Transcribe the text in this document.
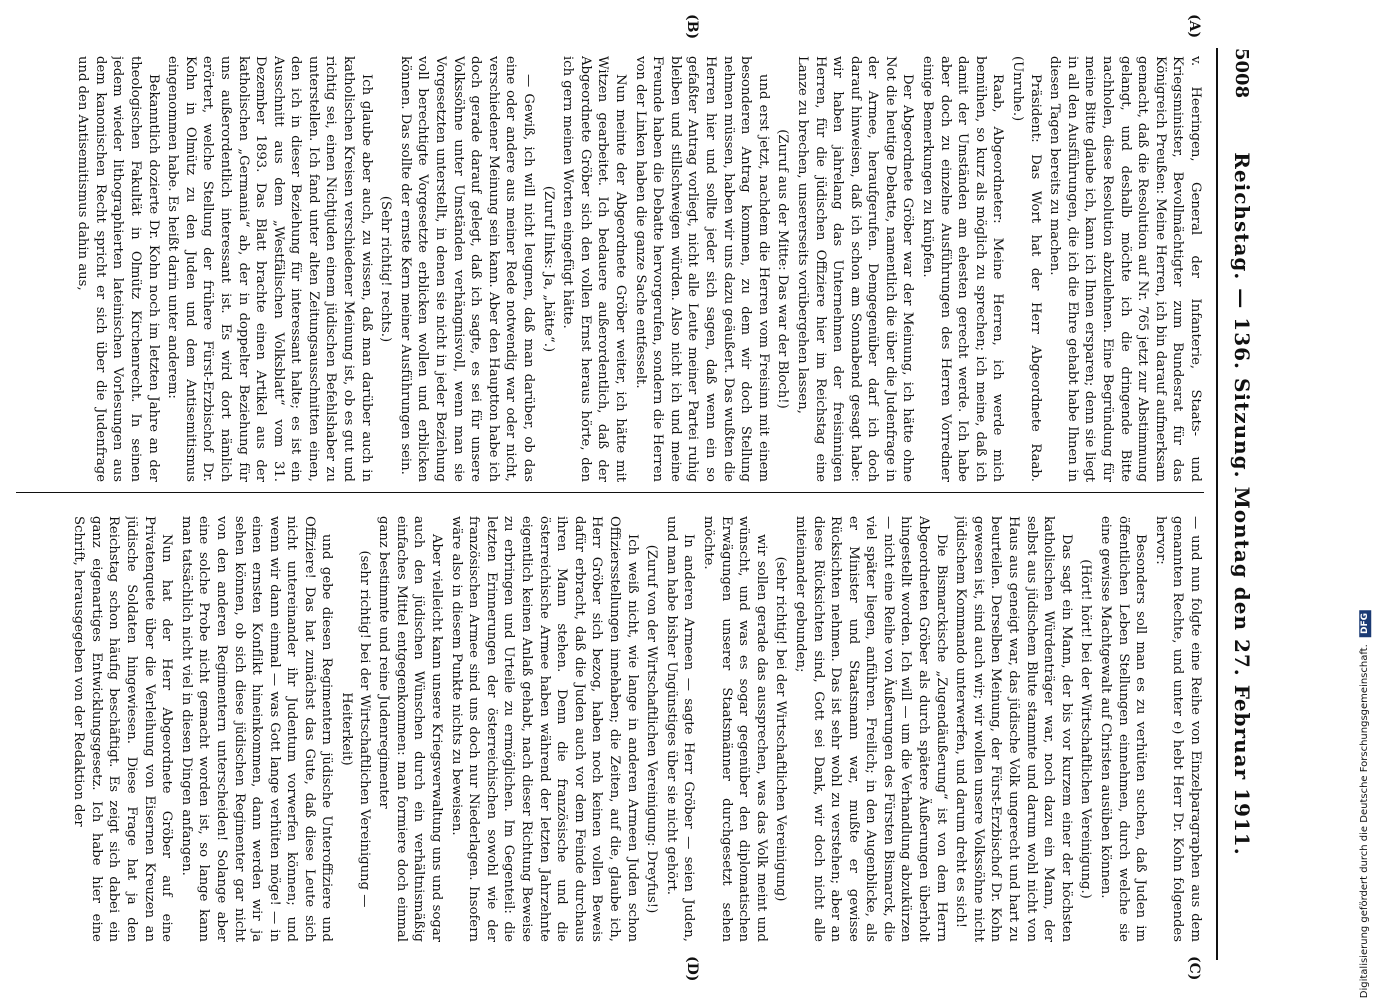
5008
Reichstag. — 136. Sitzung. Montag den 27. Februar 1911.
(A)
(B)
(C)
(D)

v. Heeringen, General der Infanterie, Staats- und Kriegsminister, Bevollmächtigter zum Bundesrat für das Königreich Preußen: Meine Herren, ich bin darauf aufmerksam gemacht, daß die Resolution auf Nr. 765 jetzt zur Abstimmung gelangt, und deshalb möchte ich die dringende Bitte nachholen, diese Resolution abzulehnen. Eine Begründung für meine Bitte glaube ich, kann ich Ihnen ersparen; denn sie liegt in all den Ausführungen, die ich die Ehre gehabt habe Ihnen in diesen Tagen bereits zu machen.

Präsident: Das Wort hat der Herr Abgeordnete Raab. (Unruhe.)

Raab, Abgeordneter: Meine Herren, ich werde mich bemühen, so kurz als möglich zu sprechen; ich meine, daß ich damit der Umständen am ehesten gerecht werde. Ich habe aber doch zu einzelne Ausführungen des Herren Vorredner einige Bemerkungen zu knüpfen.

Der Abgeordnete Gröber war der Meinung, ich hätte ohne Not die heutige Debatte, namentlich die über die Judenfrage in der Armee, heraufgerufen. Demgegenüber darf ich doch darauf hinweisen, daß ich schon am Sonnabend gesagt habe: wir haben jahrelang das Unternehmen der freisinnigen Herren, für die jüdischen Offiziere hier im Reichstag eine Lanze zu brechen, unsererseits vorübergehen lassen,

(Zuruf aus der Mitte: Das war der Bloch!)

und erst jetzt, nachdem die Herren vom Freisinn mit einem besonderen Antrag kommen, zu dem wir doch Stellung nehmen müssen, haben wir uns dazu geäußert. Das wußten die Herren hier und sollte jeder sich sagen, daß wenn ein so gefaßter Antrag vorliegt, nicht alle Leute meiner Partei ruhig bleiben und stillschweigen würden. Also nicht ich und meine Freunde haben die Debatte hervorgerufen, sondern die Herren von der Linken haben die ganze Sache entfesselt.

Nun meinte der Abgeordnete Gröber weiter, ich hätte mit Witzen gearbeitet. Ich bedauere außerordentlich, daß der Abgeordnete Gröber sich den vollen Ernst heraus hörte, den ich gern meinen Worten eingefügt hätte.

(Zuruf links: Ja, „hätte“.)

— Gewiß, ich will nicht leugnen, daß man darüber, ob das eine oder andere aus meiner Rede notwendig war oder nicht, verschiedener Meinung sein kann. Aber den Hauptton habe ich doch gerade darauf gelegt, daß ich sagte, es sei für unsere Volkssöhne unter Umständen verhängnisvoll, wenn man sie Vorgesetzten unterstellt, in denen sie nicht in jeder Beziehung voll berechtigte Vorgesetzte erblicken wollen und erblicken können. Das sollte der ernste Kern meiner Ausführungen sein.

(Sehr richtig! rechts.)

Ich glaube aber auch, zu wissen, daß man darüber auch in katholischen Kreisen verschiedener Meinung ist, ob es gut und richtig sei, einen Nichtjuden einem jüdischen Befehlshaber zu unterstellen. Ich fand unter alten Zeitungsausschnitten einen, den ich in dieser Beziehung für interessant halte; es ist ein Ausschnitt aus dem „Westfälischen Volksblatt“ vom 31. Dezember 1893. Das Blatt brachte einen Artikel aus der katholischen „Germania“ ab, der in doppelter Beziehung für uns außerordentlich interessant ist. Es wird dort nämlich erörtert, welche Stellung der frühere Fürst-Erzbischof Dr. Kohn in Olmütz zu den Juden und dem Antisemitismus eingenommen habe. Es heißt darin unter anderem:

Bekanntlich dozierte Dr. Kohn noch im letzten Jahre an der theologischen Fakultät in Olmütz Kirchenrecht. In seinen jedem wieder lithographierten lateinischen Vorlesungen aus dem kanonischen Recht spricht er sich über die Judenfrage und den Antisemitismus dahin aus,

— und nun folgte eine Reihe von Einzelparagraphen aus dem genannten Rechte, und unter e) hebt Herr Dr. Kohn folgendes hervor:

Besonders soll man es zu verhüten suchen, daß Juden im öffentlichen Leben Stellungen einnehmen, durch welche sie eine gewisse Machtgewalt auf Christen ausüben können.

(Hört! hört! bei der Wirtschaftlichen Vereinigung.)

Das sagt ein Mann, der bis vor kurzem einer der höchsten katholischen Würdenträger war, noch dazu ein Mann, der selbst aus jüdischem Blute stammte und darum wohl nicht von Haus aus geneigt war, das jüdische Volk ungerecht und hart zu beurteilen. Derselben Meinung, der Fürst-Erzbischof Dr. Kohn gewesen ist, sind auch wir; wir wollen unsere Volkssöhne nicht jüdischem Kommando unterwerfen, und darum dreht es sich!

Die Bismarckische „Zugendäußerung“ ist von dem Herrn Abgeordneten Gröber als durch spätere Äußerungen überholt hingestellt worden. Ich will — um die Verhandlung abzukürzen — nicht eine Reihe von Äußerungen des Fürsten Bismarck, die viel später liegen, anführen. Freilich; in den Augenblicke, als er Minister und Staatsmann war, mußte er gewisse Rücksichten nehmen. Das ist sehr wohl zu verstehen; aber an diese Rücksichten sind, Gott sei Dank, wir doch nicht alle miteinander gebunden;

(sehr richtig! bei der Wirtschaftlichen Vereinigung)

wir sollen gerade das aussprechen, was das Volk meint und wünscht, und was es sogar gegenüber den diplomatischen Erwägungen unserer Staatsmänner durchgesetzt sehen möchte.

In anderen Armeen — sagte Herr Gröber — seien Juden, und man habe bisher Ungünstiges über sie nicht gehört.

(Zuruf von der Wirtschaftlichen Vereinigung: Dreyfus!)

Ich weiß nicht, wie lange in anderen Armeen Juden schon Offiziersstellungen innehaben; die Zeiten, auf die, glaube ich, Herr Gröber sich bezog, haben noch keinen vollen Beweis dafür erbracht, daß die Juden auch vor dem Feinde durchaus ihren Mann stehen. Denn die französische und die österreichische Armee haben während der letzten Jahrzehnte eigentlich keinen Anlaß gehabt, nach dieser Richtung Beweise zu erbringen und Urteile zu ermöglichen. Im Gegenteil: die letzten Erinnerungen der österreichischen sowohl wie der französischen Armee sind uns doch nur Niederlagen. Insofern wäre also in diesem Punkte nichts zu beweisen.

Aber vielleicht kann unsere Kriegsverwaltung uns und sogar auch den jüdischen Wünschen durch ein verhältnismäßig einfaches Mittel entgegenkommen: man formiere doch einmal ganz bestimmte und reine Judenregimenter

(sehr richtig! bei der Wirtschaftlichen Vereinigung — Heiterkeit)

und gebe diesen Regimentern jüdische Unteroffiziere und Offiziere! Das hat zunächst das Gute, daß diese Leute sich nicht untereinander ihr Judentum vorwerfen können; und wenn wir dann einmal — was Gott lange verhüten möge! — in einen ernsten Konflikt hineinkommen, dann werden wir ja sehen können, ob sich diese jüdischen Regimenter gar nicht von den anderen Regimentern unterscheiden! Solange aber eine solche Probe nicht gemacht worden ist, so lange kann man tatsächlich nicht viel in diesen Dingen anfangen.

Nun hat der Herr Abgeordnete Gröber auf eine Privatenquete über die Verleihung von Eisernen Kreuzen an jüdische Soldaten hingewiesen. Diese Frage hat ja den Reichstag schon häufig beschäftigt. Es zeigt sich dabei ein ganz eigenartiges Entwicklungsgesetz. Ich habe hier eine Schrift, herausgegeben von der Redaktion der	Digitalisierung gefördert durch die Deutsche Forschungsgemeinschaft. DFG
